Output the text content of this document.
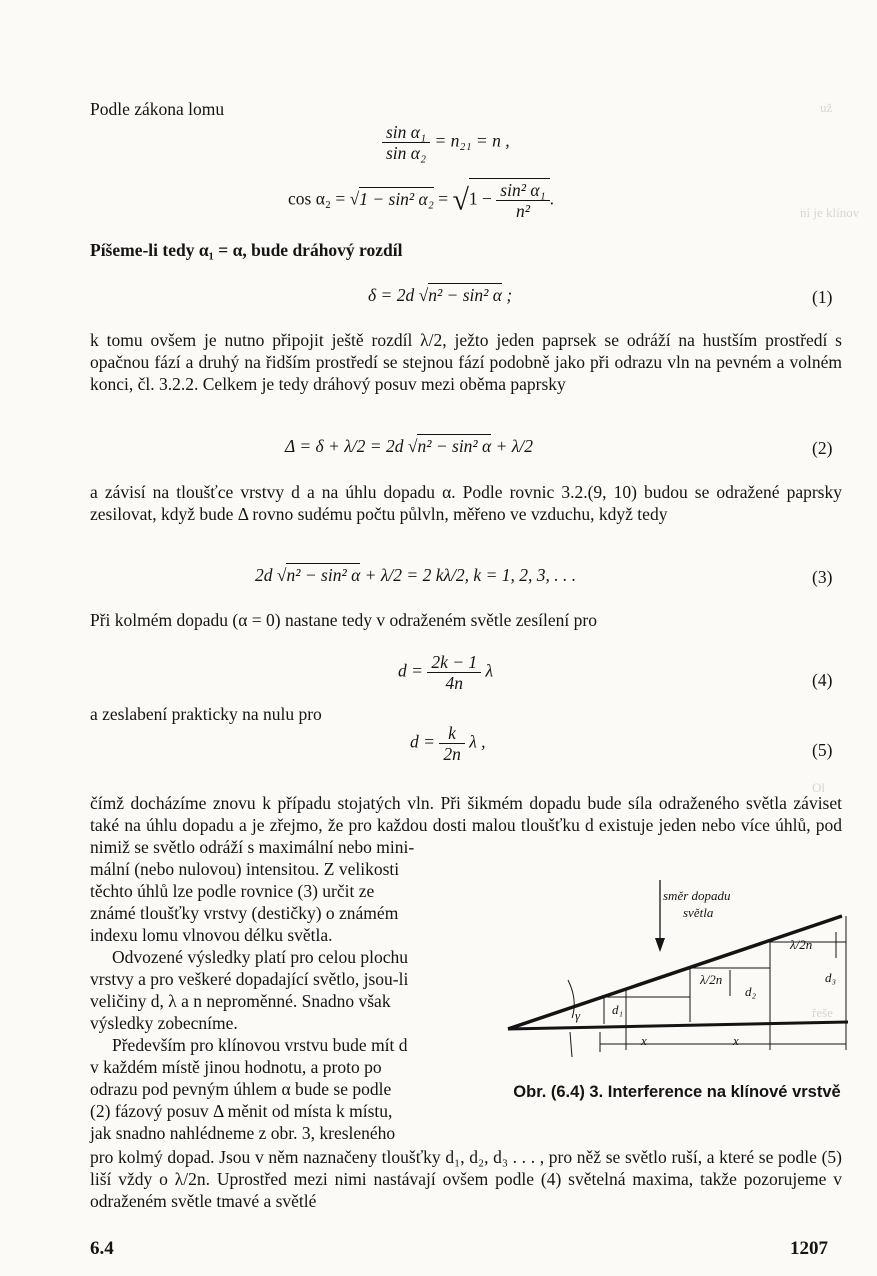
už
ní je klínov
Ol
řeše
Podle zákona lomu
$\frac{\text{sin α₁}}{\text{sin α₂}} = n_{21} = n$ ,
cos α₂ = √1 − sin² $\alpha_2 = √1 - \frac{\text{sin² α₁}}{\text{n²}}$ .
Píšeme-li tedy α₁ = α, bude dráhový rozdíl
δ = 2d √n² − sin² α ;	(1)
k tomu ovšem je nutno připojit ještě rozdíl λ/2, ježto jeden paprsek se odráží na hustším prostředí s opačnou fází a druhý na řidším prostředí se stejnou fází podobně jako při odrazu vln na pevném a volném konci, čl. 3.2.2. Celkem je tedy dráhový posuv mezi oběma paprsky
Δ = δ + λ/2 = 2d √n² − sin² α + λ/2	(2)
a závisí na tloušťce vrstvy d a na úhlu dopadu α. Podle rovnic 3.2.(9, 10) budou se odražené paprsky zesilovat, když bude Δ rovno sudému počtu půlvln, měřeno ve vzduchu, když tedy
2d √n² − sin² α + λ/2 = 2 kλ/2, k = 1, 2, 3, . . .	(3)
Při kolmém dopadu (α = 0) nastane tedy v odraženém světle zesílení pro
$d = \frac{2k - 1}{4n}$ λ	(4)
a zeslabení prakticky na nulu pro
$d = \frac{k}{2n}$ λ ,	(5)
čímž docházíme znovu k případu stojatých vln. Při šikmém dopadu bude síla odraženého světla záviset také na úhlu dopadu a je zřejmo, že pro každou dosti malou tloušťku d existuje jeden nebo více úhlů, pod nimiž se světlo odráží s maximální nebo mini-
mální (nebo nulovou) intensitou. Z velikosti
těchto úhlů lze podle rovnice (3) určit ze
známé tloušťky vrstvy (destičky) o známém
indexu lomu vlnovou délku světla.
Odvozené výsledky platí pro celou plochu
vrstvy a pro veškeré dopadající světlo, jsou-li
veličiny d, λ a n neproměnné. Snadno však
výsledky zobecníme.
Především pro klínovou vrstvu bude mít d
v každém místě jinou hodnotu, a proto po
odrazu pod pevným úhlem α bude se podle
(2) fázový posuv Δ měnit od místa k místu,
jak snadno nahlédneme z obr. 3, kresleného
směr dopadu
světla
λ/2n
λ/2n
d₁
d₂
d₃
γ
x	x
Obr. (6.4) 3. Interference na klínové vrstvě
pro kolmý dopad. Jsou v něm naznačeny tloušťky d₁, d₂, d₃ . . . , pro něž se světlo ruší, a které se podle (5) liší vždy o λ/2n. Uprostřed mezi nimi nastávají ovšem podle (4) světelná maxima, takže pozorujeme v odraženém světle tmavé a světlé
6.4	1207
